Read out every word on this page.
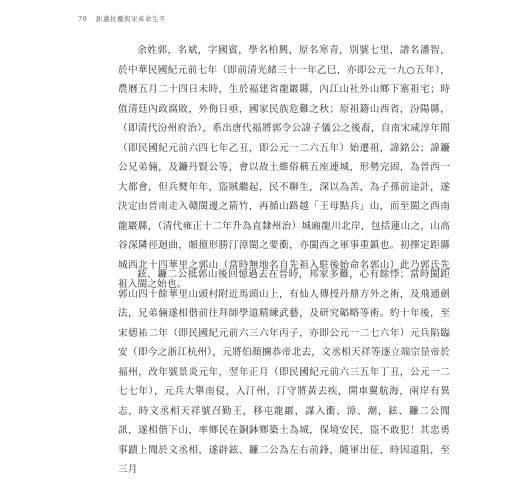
70 鉅邁抗擾與宋革命生平

余姓郭，名斌，字國賓，學名柏興，原名寒青，別號七里，譜名潘智，於中華民國紀元前七年（即前清光緒三十一年乙巳，亦即公元一九○五年），農曆五月二十四日未時，生於福建省龍巖縣，內江山社外山鄉下寨祖宅；時值清廷內政腐敗，外侮日亟，國家民族危難之秋；原祖籍山西省，汾陽縣，（即清代汾州府治），系出唐代福將郭令公諱子儀公之後裔，自南宋咸淳年間（即民國紀元前六四七年乙丑，即公元一二六五年）始遷祖，諱銘公；諱鐮公兄弟倆，及鐮丹賢公等，會以故土維俗稱五座連城，形勢完固，為晉西一大都會，但兵燹年年，盜賊繼起，民不聊生，深以為苦，為子孫前途計，遂決定由晉南走入贛閩邊之箭竹，再循山路越「王母點兵」山，而至閩之西南龍巖縣，（清代雍正十二年升為直隸州治）城廂龍川北岸，包括蓮山之，山高谷深隣徑迴曲，頗擅形勝汀漳閩之要衝，亦閩西之軍事重鎮也。初擇定距縣城西北十四華里之郭山（當時無地名自先祖入駐後始命名郭山）此乃郭氏先祖入閩之始也。

鉉、鐮二公抵郭山後回憶過去在晉時，邦家多難，心有餘悸；當時閩距郭山四十餘華里山頭村附近馬頭山上，有仙人傳授丹鼎方外之術，及飛通劍法，兄弟倆遂相偕前往拜師學道精練武藝，及研究韜略等術。約十年後，至宋德祐二年（即民國紀元前六三六年丙子，亦即公元一二七六年）元兵陷臨安（即今之浙江杭州），元將伯顏擄恭帝北去，文丞相天祥等逐立端宗昰帝於福州，改年號景炎元年，翌年正月（即民國紀元前六三五年丁丑，公元一二七七年），元兵大舉南侵，入汀州，汀守將黃去疾，開車翼航海，兩岸有異志，時文丞相天祥號召勤王，移屯龍巖，謀入衝、漳、潮，鉉、鐮二公聞訊，遂相偕下山，率鄉民在銅鉢鄉築土為城，保境安民，盜不敢犯！其忠勇事蹟上聞於文丞相，遂辟鉉、鐮二公為左右前鋒，隨軍出征，時因道阻，至三月
